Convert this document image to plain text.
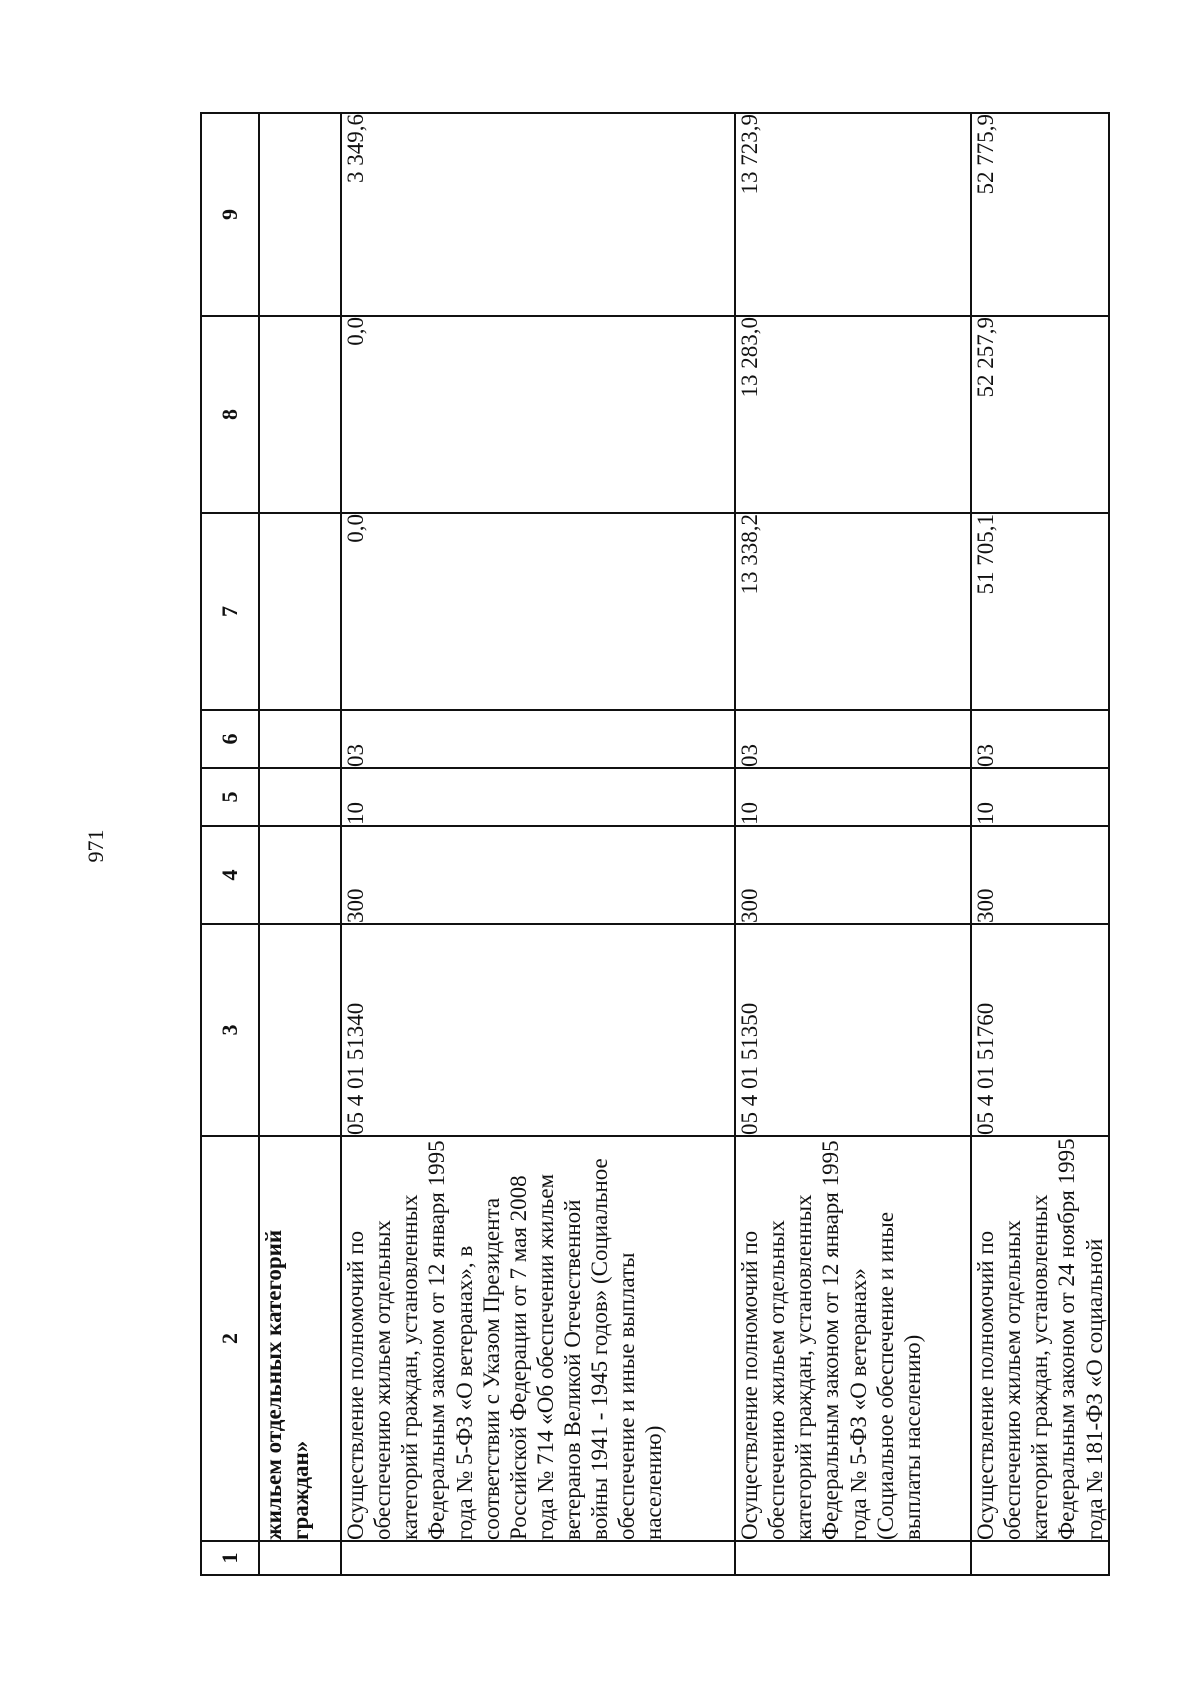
971
1	2	3	4	5	6	7	8	9
	жильем отдельных категорий граждан»							
	Осуществление полномочий по обеспечению жильем отдельных категорий граждан, установленных Федеральным законом от 12 января 1995 года № 5-ФЗ «О ветеранах», в соответствии с Указом Президента Российской Федерации от 7 мая 2008 года № 714 «Об обеспечении жильем ветеранов Великой Отечественной войны 1941 - 1945 годов» (Социальное обеспечение и иные выплаты населению)	05 4 01 51340	300	10	03	0,0	0,0	3 349,6
	Осуществление полномочий по обеспечению жильем отдельных категорий граждан, установленных Федеральным законом от 12 января 1995 года № 5-ФЗ «О ветеранах» (Социальное обеспечение и иные выплаты населению)	05 4 01 51350	300	10	03	13 338,2	13 283,0	13 723,9
	Осуществление полномочий по обеспечению жильем отдельных категорий граждан, установленных Федеральным законом от 24 ноября 1995 года № 181-ФЗ «О социальной	05 4 01 51760	300	10	03	51 705,1	52 257,9	52 775,9
